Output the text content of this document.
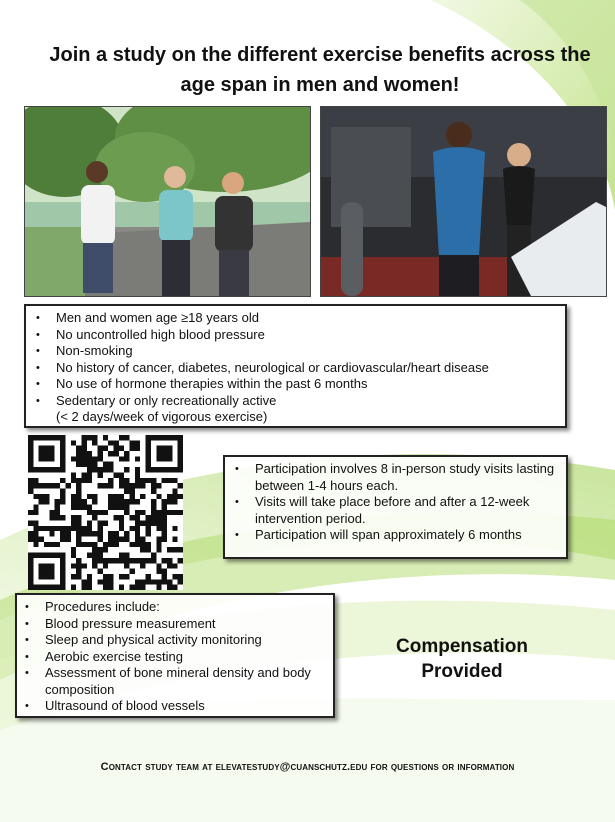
Join a study on the different exercise benefits across the age span in men and women!
• Men and women age ≥18 years old
• No uncontrolled high blood pressure
• Non-smoking
• No history of cancer, diabetes, neurological or cardiovascular/heart disease
• No use of hormone therapies within the past 6 months
• Sedentary or only recreationally active
(< 2 days/week of vigorous exercise)
• Participation involves 8 in-person study visits lasting between 1-4 hours each.
• Visits will take place before and after a 12-week intervention period.
• Participation will span approximately 6 months
• Procedures include:
• Blood pressure measurement
• Sleep and physical activity monitoring
• Aerobic exercise testing
• Assessment of bone mineral density and body composition
• Ultrasound of blood vessels
Compensation Provided
Contact study team at elevatestudy@cuanschutz.edu for questions or information
